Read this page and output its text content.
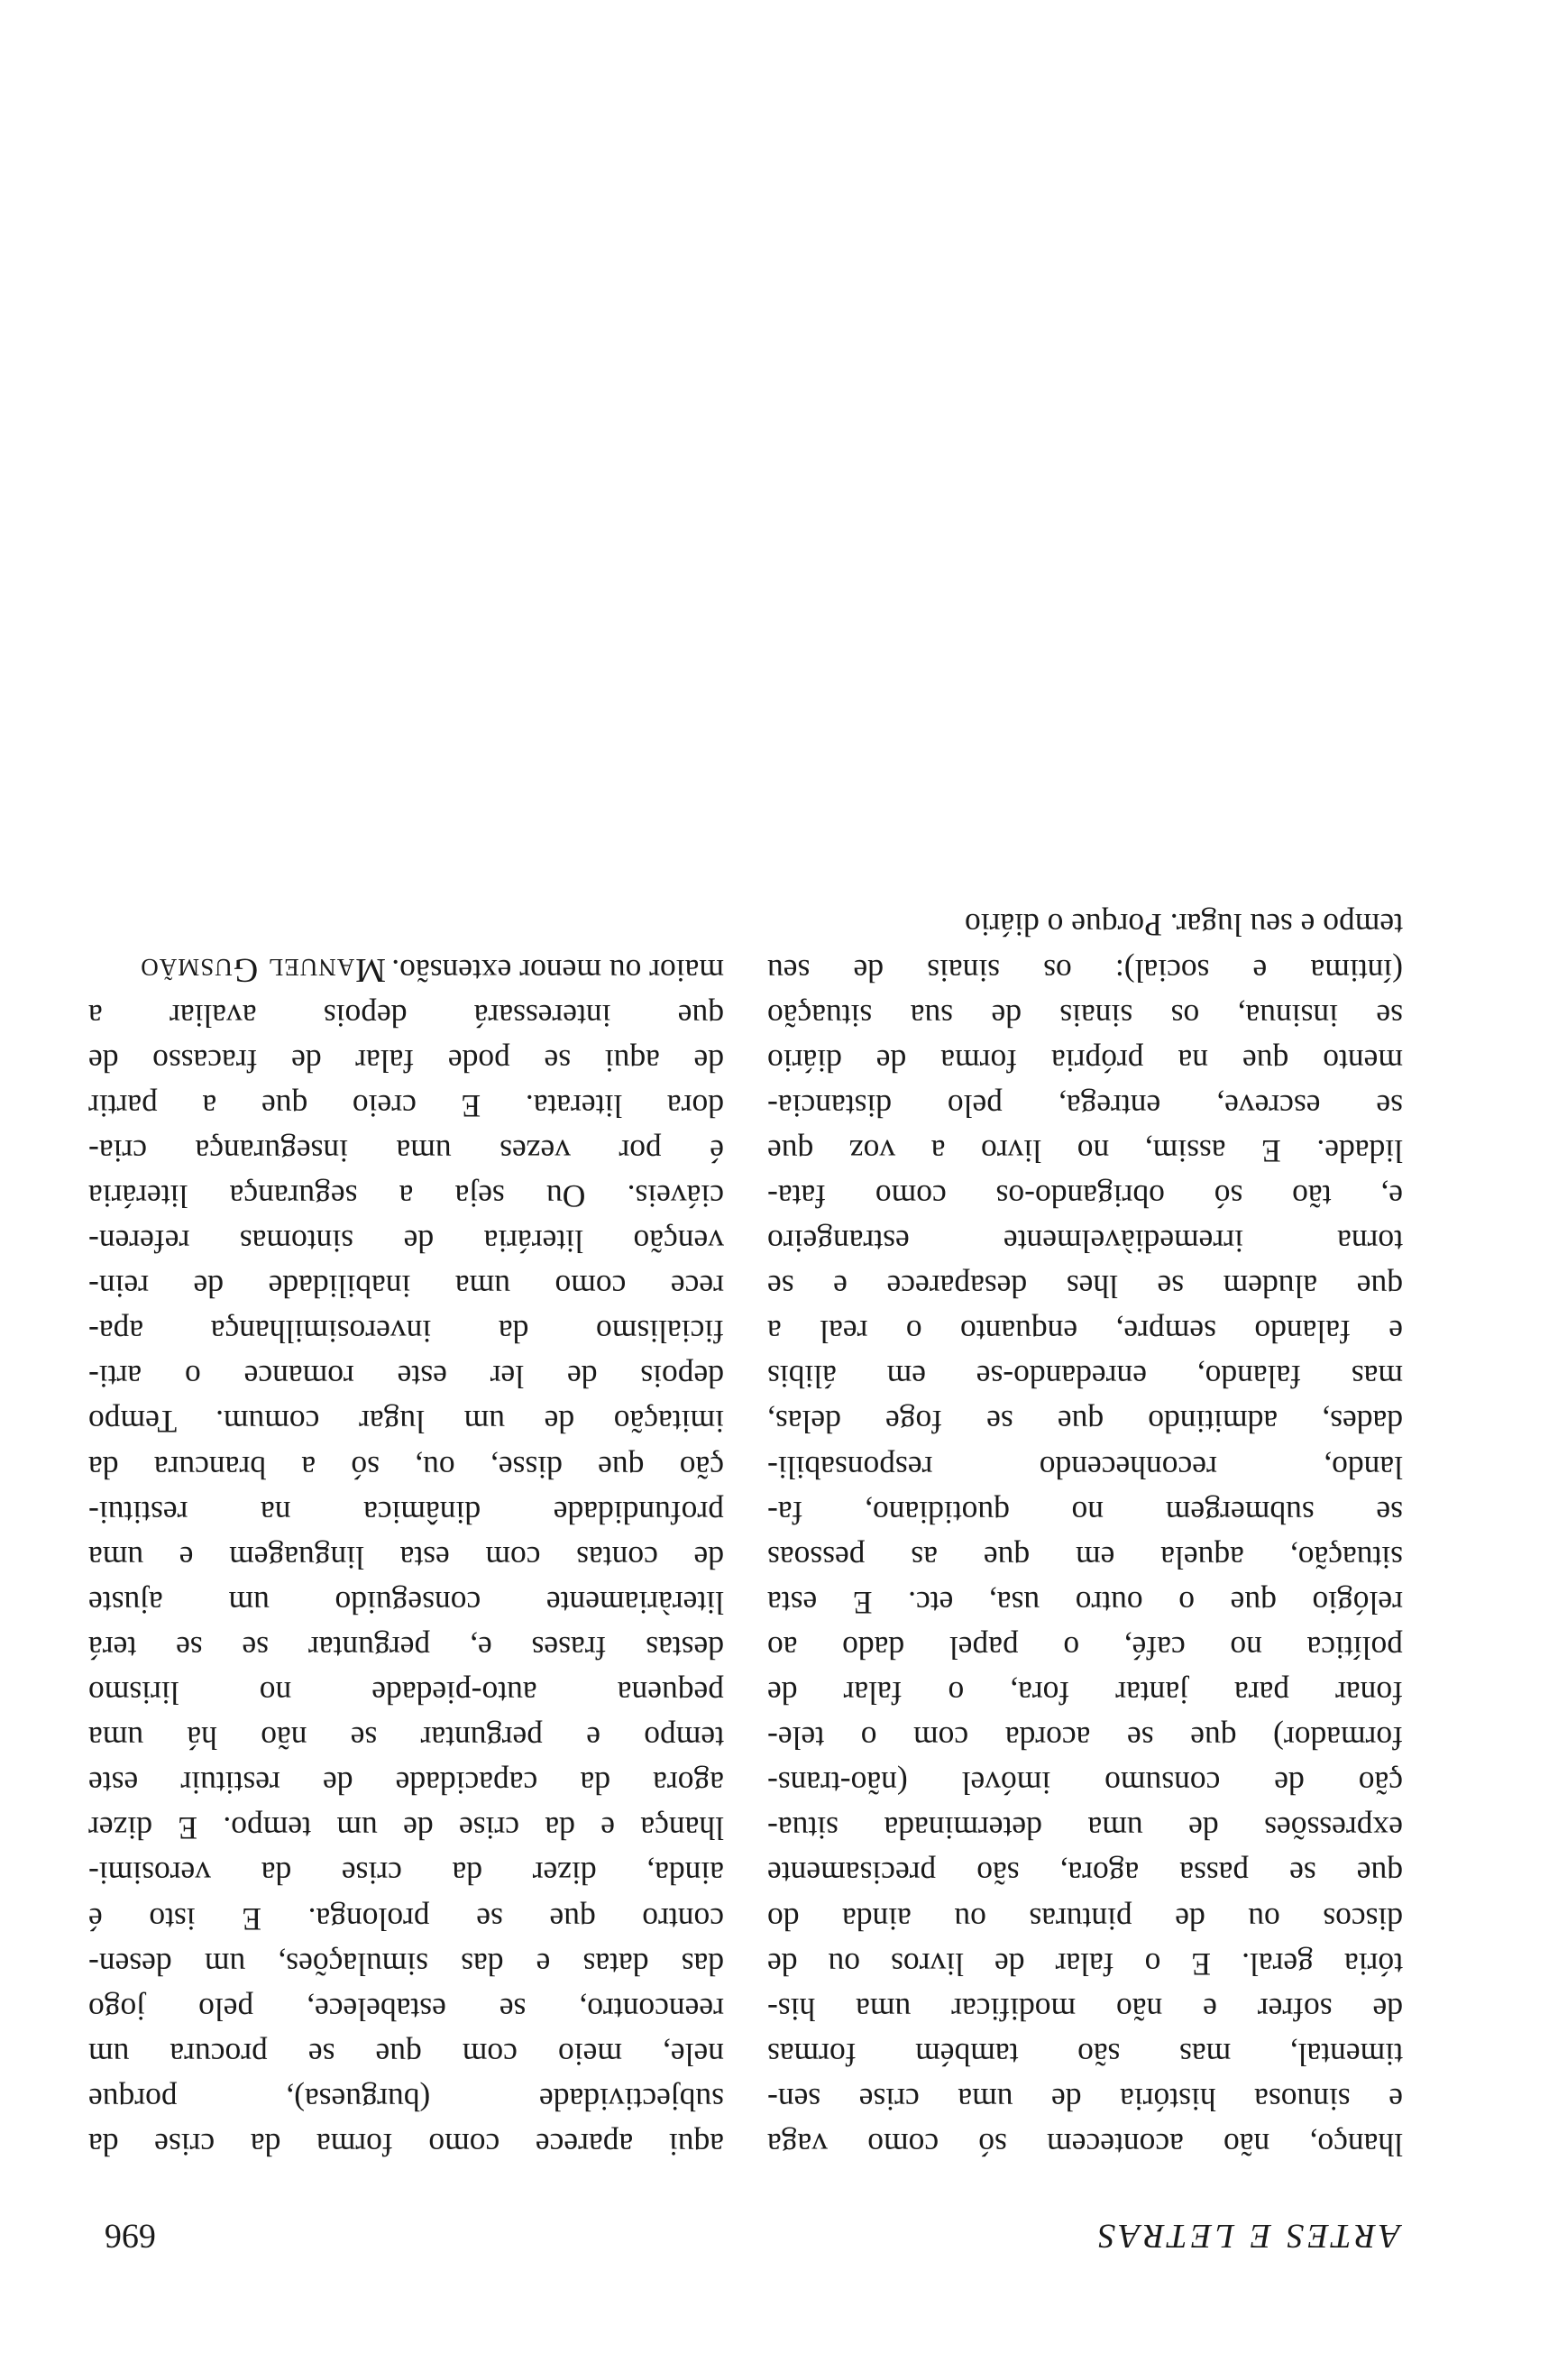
ARTES E LETRAS
696
lhanço, não acontecem só como vaga
e sinuosa história de uma crise sen-
timental, mas são também formas
de sofrer e não modificar uma his-
tória geral. E o falar de livros ou de
discos ou de pinturas ou ainda do
que se passa agora, são precisamente
expressões de uma determinada situa-
ção de consumo imóvel (não-trans-
formador) que se acorda com o tele-
fonar para jantar fora, o falar de
política no café, o papel dado ao
relógio que o outro usa, etc. E esta
situação, aquela em que as pessoas
se submergem no quotidiano, fa-
lando, reconhecendo responsabili-
dades, admitindo que se foge delas,
mas falando, enredando-se em álibis
e falando sempre, enquanto o real a
que aludem se lhes desaparece e se
torna irremediàvelmente estrangeiro
e, tão só obrigando-os como fata-
lidade. E assim, no livro a voz que
se escreve, entrega, pelo distancia-
mento que na própria forma de diário
se insinua, os sinais de sua situação
(íntima e social): os sinais de seu
tempo e seu lugar. Porque o diário
aqui aparece como forma da crise da
subjectividade (burguesa), porque
nele, meio com que se procura um
reencontro, se estabelece, pelo jogo
das datas e das simulações, um desen-
contro que se prolonga. E isto é
ainda, dizer da crise da verosimi-
lhança e da crise de um tempo. E dizer
agora da capacidade de restituir este
tempo e perguntar se não há uma
pequena auto-piedade no lirismo
destas frases e, perguntar se se terá
literàriamente conseguido um ajuste
de contas com esta linguagem e uma
profundidade dinâmica na restitui-
ção que disse, ou, só a brancura da
imitação de um lugar comum. Tempo
depois de ler este romance o arti-
ficialismo da inverosimilhança apa-
rece como uma inabilidade de rein-
venção literária de sintomas referen-
ciáveis. Ou seja a segurança literária
é por vezes uma insegurança cria-
dora literata. E creio que a partir
de aqui se pode falar de fracasso de
que interessará depois avaliar a
maior ou menor extensão.
Manuel Gusmão
